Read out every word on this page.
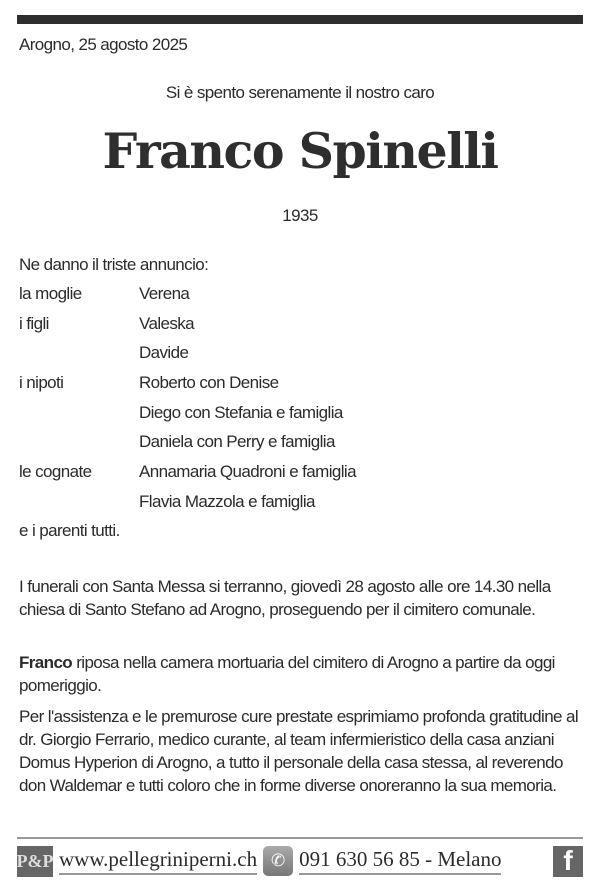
Arogno, 25 agosto 2025
Si è spento serenamente il nostro caro
Franco Spinelli
1935
Ne danno il triste annuncio:
la moglie	Verena
i figli	Valeska
Davide
i nipoti	Roberto con Denise
Diego con Stefania e famiglia
Daniela con Perry e famiglia
le cognate	Annamaria Quadroni e famiglia
Flavia Mazzola e famiglia
e i parenti tutti.
I funerali con Santa Messa si terranno, giovedì 28 agosto alle ore 14.30 nella chiesa di Santo Stefano ad Arogno, proseguendo per il cimitero comunale.
Franco riposa nella camera mortuaria del cimitero di Arogno a partire da oggi pomeriggio.
Per l'assistenza e le premurose cure prestate esprimiamo profonda gratitudine al dr. Giorgio Ferrario, medico curante, al team infermieristico della casa anziani Domus Hyperion di Arogno, a tutto il personale della casa stessa, al reverendo don Waldemar e tutti coloro che in forme diverse onoreranno la sua memoria.
P&P www.pellegriniperni.ch ✆ 091 630 56 85 - Melano	f
